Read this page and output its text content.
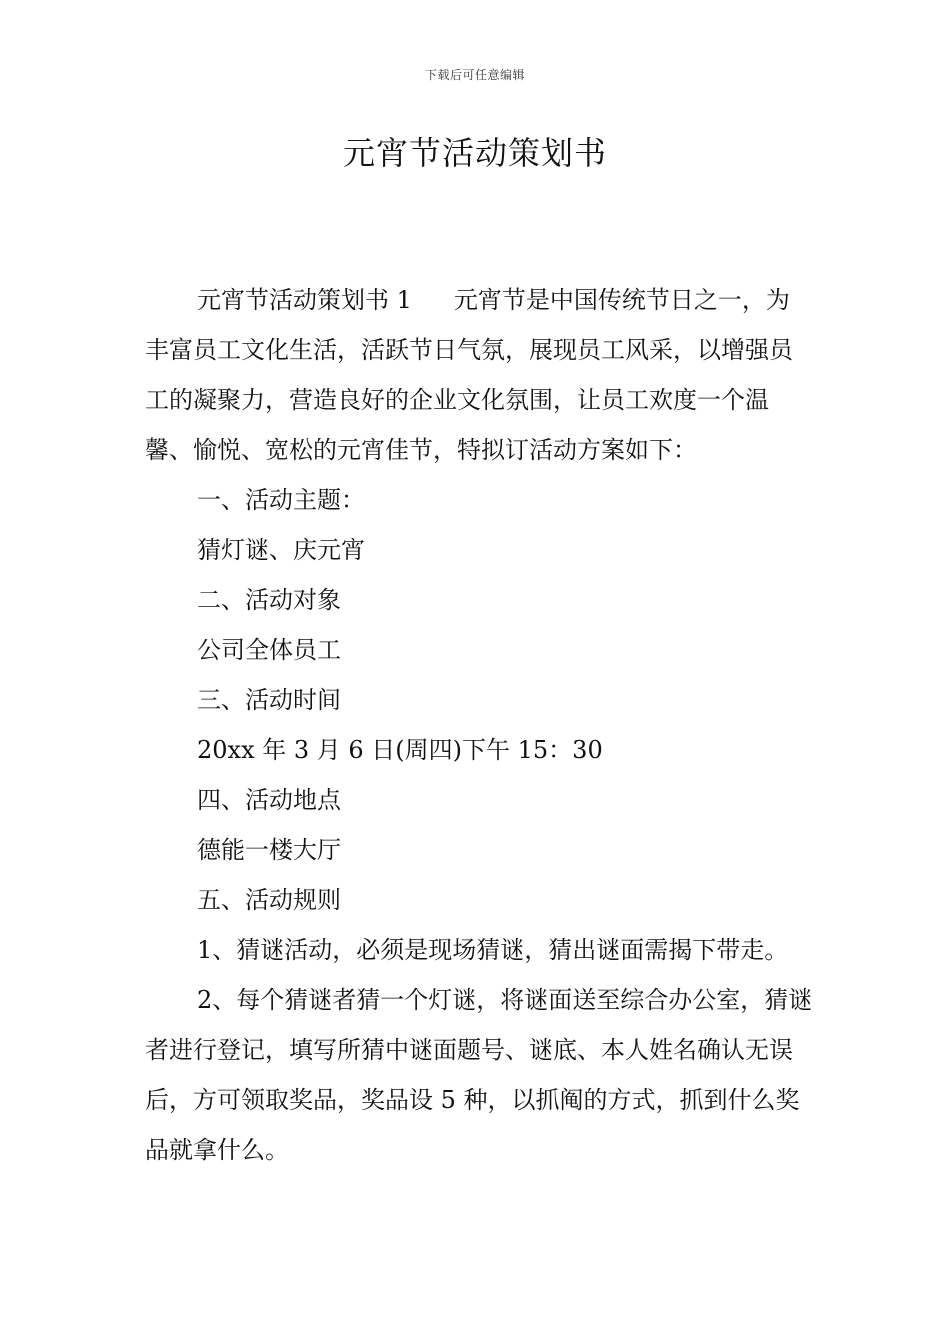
下载后可任意编辑
元宵节活动策划书

元宵节活动策划书 1 元宵节是中国传统节日之一，为丰富员工文化生活，活跃节日气氛，展现员工风采，以增强员工的凝聚力，营造良好的企业文化氛围，让员工欢度一个温馨、愉悦、宽松的元宵佳节，特拟订活动方案如下：

一、活动主题：

猜灯谜、庆元宵

二、活动对象

公司全体员工

三、活动时间

20xx 年 3 月 6 日(周四)下午 15：30

四、活动地点

德能一楼大厅

五、活动规则

1、猜谜活动，必须是现场猜谜，猜出谜面需揭下带走。

2、每个猜谜者猜一个灯谜，将谜面送至综合办公室，猜谜者进行登记，填写所猜中谜面题号、谜底、本人姓名确认无误后，方可领取奖品，奖品设 5 种，以抓阄的方式，抓到什么奖品就拿什么。
